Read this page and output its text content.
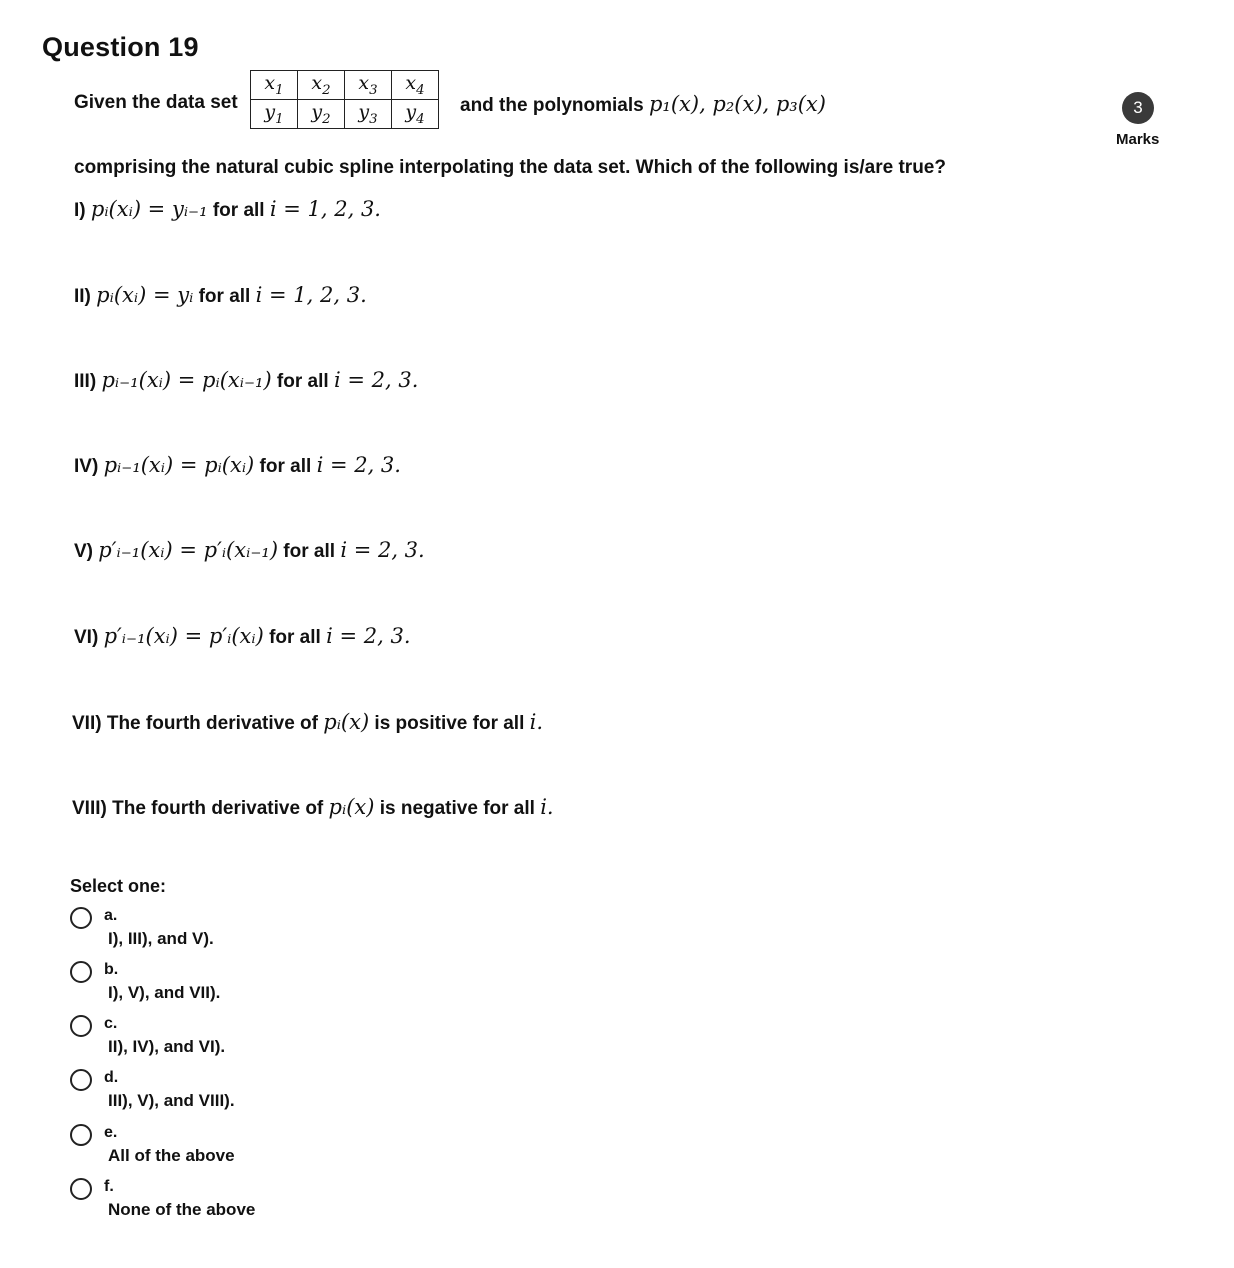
Question 19
3
Marks
Given the data set
$x_1$	$x_2$	$x_3$	$x_4$
$y_1$	$y_2$	$y_3$	$y_4$
and the polynomials p₁(x), p₂(x), p₃(x)
comprising the natural cubic spline interpolating the data set. Which of the following is/are true?
I) pᵢ(xᵢ) = yᵢ₋₁ for all i = 1, 2, 3.
II) pᵢ(xᵢ) = yᵢ for all i = 1, 2, 3.
III) pᵢ₋₁(xᵢ) = pᵢ(xᵢ₋₁) for all i = 2, 3.
IV) pᵢ₋₁(xᵢ) = pᵢ(xᵢ) for all i = 2, 3.
V) p′ᵢ₋₁(xᵢ) = p′ᵢ(xᵢ₋₁) for all i = 2, 3.
VI) p′ᵢ₋₁(xᵢ) = p′ᵢ(xᵢ) for all i = 2, 3.
VII) The fourth derivative of pᵢ(x) is positive for all i.
VIII) The fourth derivative of pᵢ(x) is negative for all i.
Select one:
a.
I), III), and V).
b.
I), V), and VII).
c.
II), IV), and VI).
d.
III), V), and VIII).
e.
All of the above
f.
None of the above
